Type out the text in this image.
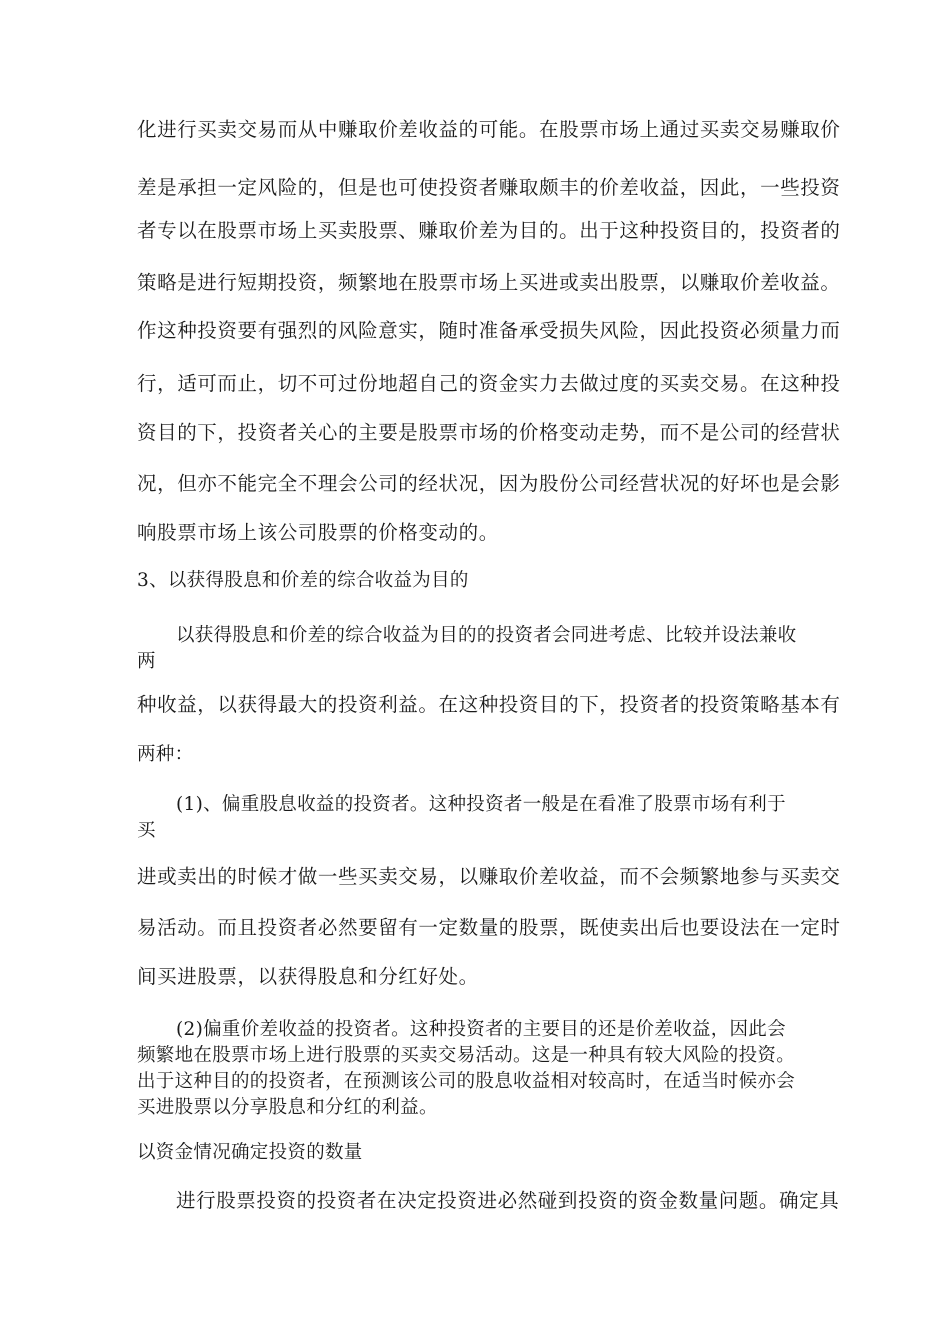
化进行买卖交易而从中赚取价差收益的可能。在股票市场上通过买卖交易赚取价
差是承担一定风险的，但是也可使投资者赚取颇丰的价差收益，因此，一些投资
者专以在股票市场上买卖股票、赚取价差为目的。出于这种投资目的，投资者的
策略是进行短期投资，频繁地在股票市场上买进或卖出股票，以赚取价差收益。
作这种投资要有强烈的风险意实，随时准备承受损失风险，因此投资必须量力而
行，适可而止，切不可过份地超自己的资金实力去做过度的买卖交易。在这种投
资目的下，投资者关心的主要是股票市场的价格变动走势，而不是公司的经营状
况，但亦不能完全不理会公司的经状况，因为股份公司经营状况的好坏也是会影
响股票市场上该公司股票的价格变动的。
3、以获得股息和价差的综合收益为目的
以获得股息和价差的综合收益为目的的投资者会同进考虑、比较并设法兼收
两
种收益，以获得最大的投资利益。在这种投资目的下，投资者的投资策略基本有
两种：
(1)、偏重股息收益的投资者。这种投资者一般是在看准了股票市场有利于
买
进或卖出的时候才做一些买卖交易，以赚取价差收益，而不会频繁地参与买卖交
易活动。而且投资者必然要留有一定数量的股票，既使卖出后也要设法在一定时
间买进股票，以获得股息和分红好处。
(2)偏重价差收益的投资者。这种投资者的主要目的还是价差收益，因此会
频繁地在股票市场上进行股票的买卖交易活动。这是一种具有较大风险的投资。
出于这种目的的投资者，在预测该公司的股息收益相对较高时，在适当时候亦会
买进股票以分享股息和分红的利益。
以资金情况确定投资的数量
进行股票投资的投资者在决定投资进必然碰到投资的资金数量问题。确定具
